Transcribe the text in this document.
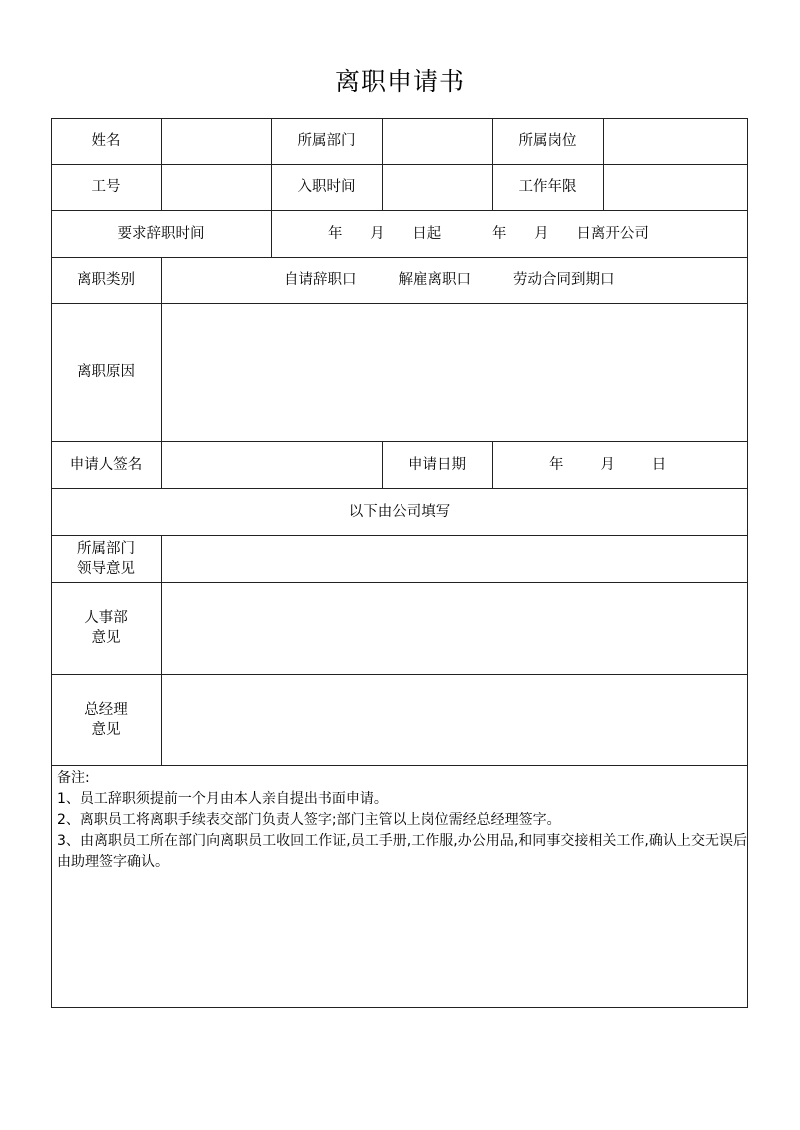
离职申请书
姓名	所属部门	所属岗位
工号	入职时间	工作年限
要求辞职时间	年      月      日起           年      月      日离开公司
离职类别	自请辞职口	解雇离职口	劳动合同到期口
离职原因
申请人签名	申请日期	年        月        日
以下由公司填写
所属部门
领导意见
人事部
意见
总经理
意见
备注:
1、员工辞职须提前一个月由本人亲自提出书面申请。
2、离职员工将离职手续表交部门负责人签字;部门主管以上岗位需经总经理签字。
3、由离职员工所在部门向离职员工收回工作证,员工手册,工作服,办公用品,和同事交接相关工作,确认上交无误后由助理签字确认。
